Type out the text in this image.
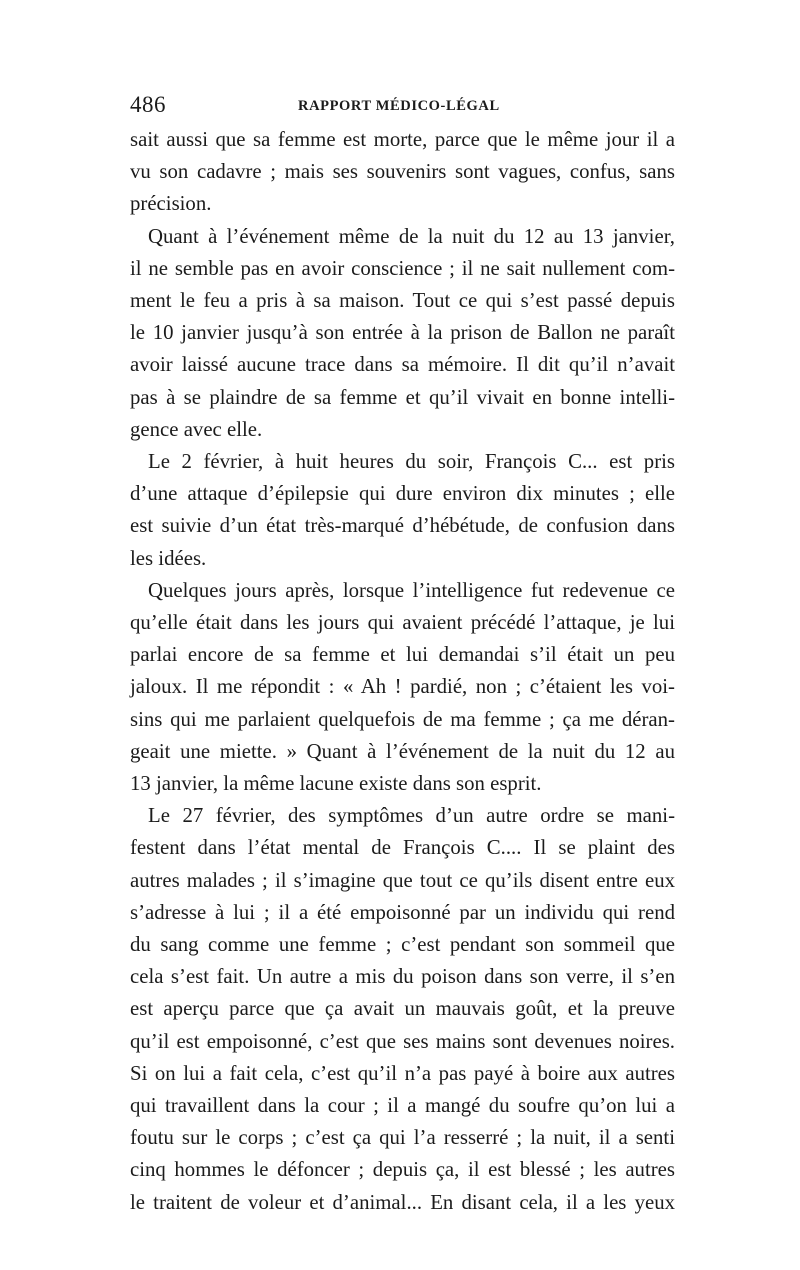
486	RAPPORT MÉDICO-LÉGAL
sait aussi que sa femme est morte, parce que le même jour il a
vu son cadavre ; mais ses souvenirs sont vagues, confus, sans
précision.
Quant à l’événement même de la nuit du 12 au 13 janvier,
il ne semble pas en avoir conscience ; il ne sait nullement com-
ment le feu a pris à sa maison. Tout ce qui s’est passé depuis
le 10 janvier jusqu’à son entrée à la prison de Ballon ne paraît
avoir laissé aucune trace dans sa mémoire. Il dit qu’il n’avait
pas à se plaindre de sa femme et qu’il vivait en bonne intelli-
gence avec elle.
Le 2 février, à huit heures du soir, François C... est pris
d’une attaque d’épilepsie qui dure environ dix minutes ; elle
est suivie d’un état très-marqué d’hébétude, de confusion dans
les idées.
Quelques jours après, lorsque l’intelligence fut redevenue ce
qu’elle était dans les jours qui avaient précédé l’attaque, je lui
parlai encore de sa femme et lui demandai s’il était un peu
jaloux. Il me répondit : « Ah ! pardié, non ; c’étaient les voi-
sins qui me parlaient quelquefois de ma femme ; ça me déran-
geait une miette. » Quant à l’événement de la nuit du 12 au
13 janvier, la même lacune existe dans son esprit.
Le 27 février, des symptômes d’un autre ordre se mani-
festent dans l’état mental de François C.... Il se plaint des
autres malades ; il s’imagine que tout ce qu’ils disent entre eux
s’adresse à lui ; il a été empoisonné par un individu qui rend
du sang comme une femme ; c’est pendant son sommeil que
cela s’est fait. Un autre a mis du poison dans son verre, il s’en
est aperçu parce que ça avait un mauvais goût, et la preuve
qu’il est empoisonné, c’est que ses mains sont devenues noires.
Si on lui a fait cela, c’est qu’il n’a pas payé à boire aux autres
qui travaillent dans la cour ; il a mangé du soufre qu’on lui a
foutu sur le corps ; c’est ça qui l’a resserré ; la nuit, il a senti
cinq hommes le défoncer ; depuis ça, il est blessé ; les autres
le traitent de voleur et d’animal... En disant cela, il a les yeux
